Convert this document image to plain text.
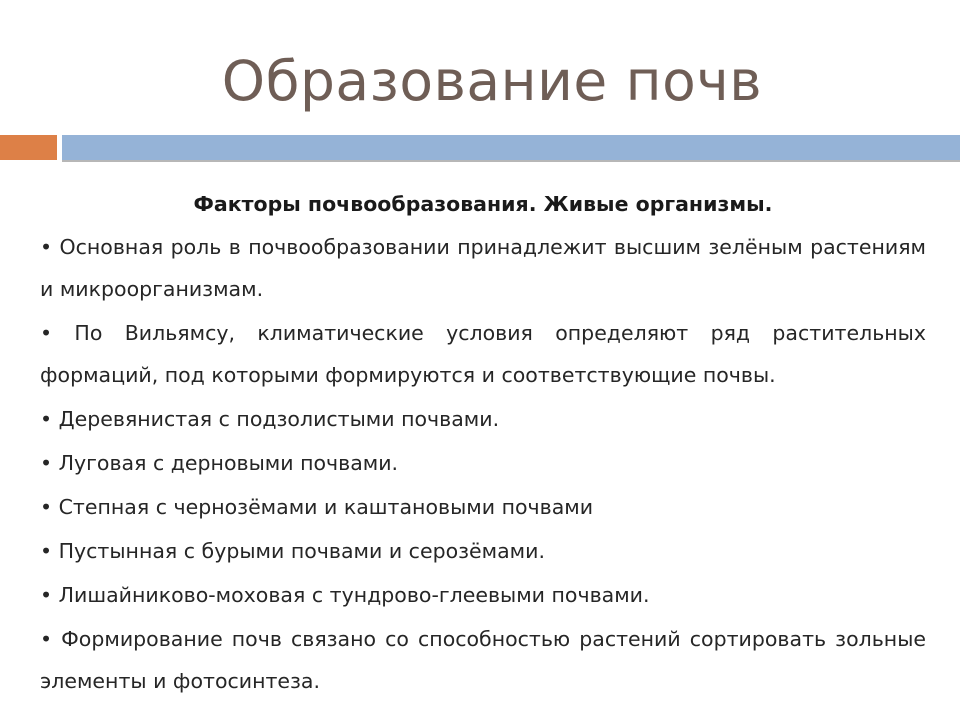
Образование почв
Факторы почвообразования. Живые организмы.
• Основная роль в почвообразовании принадлежит высшим зелёным растениям и микроорганизмам.
• По Вильямсу, климатические условия определяют ряд растительных формаций, под которыми формируются и соответствующие почвы.
• Деревянистая с подзолистыми почвами.
• Луговая с дерновыми почвами.
• Степная с чернозёмами и каштановыми почвами
• Пустынная с бурыми почвами и серозёмами.
• Лишайниково-моховая с тундрово-глеевыми почвами.
• Формирование почв связано со способностью растений сортировать зольные элементы и фотосинтеза.
